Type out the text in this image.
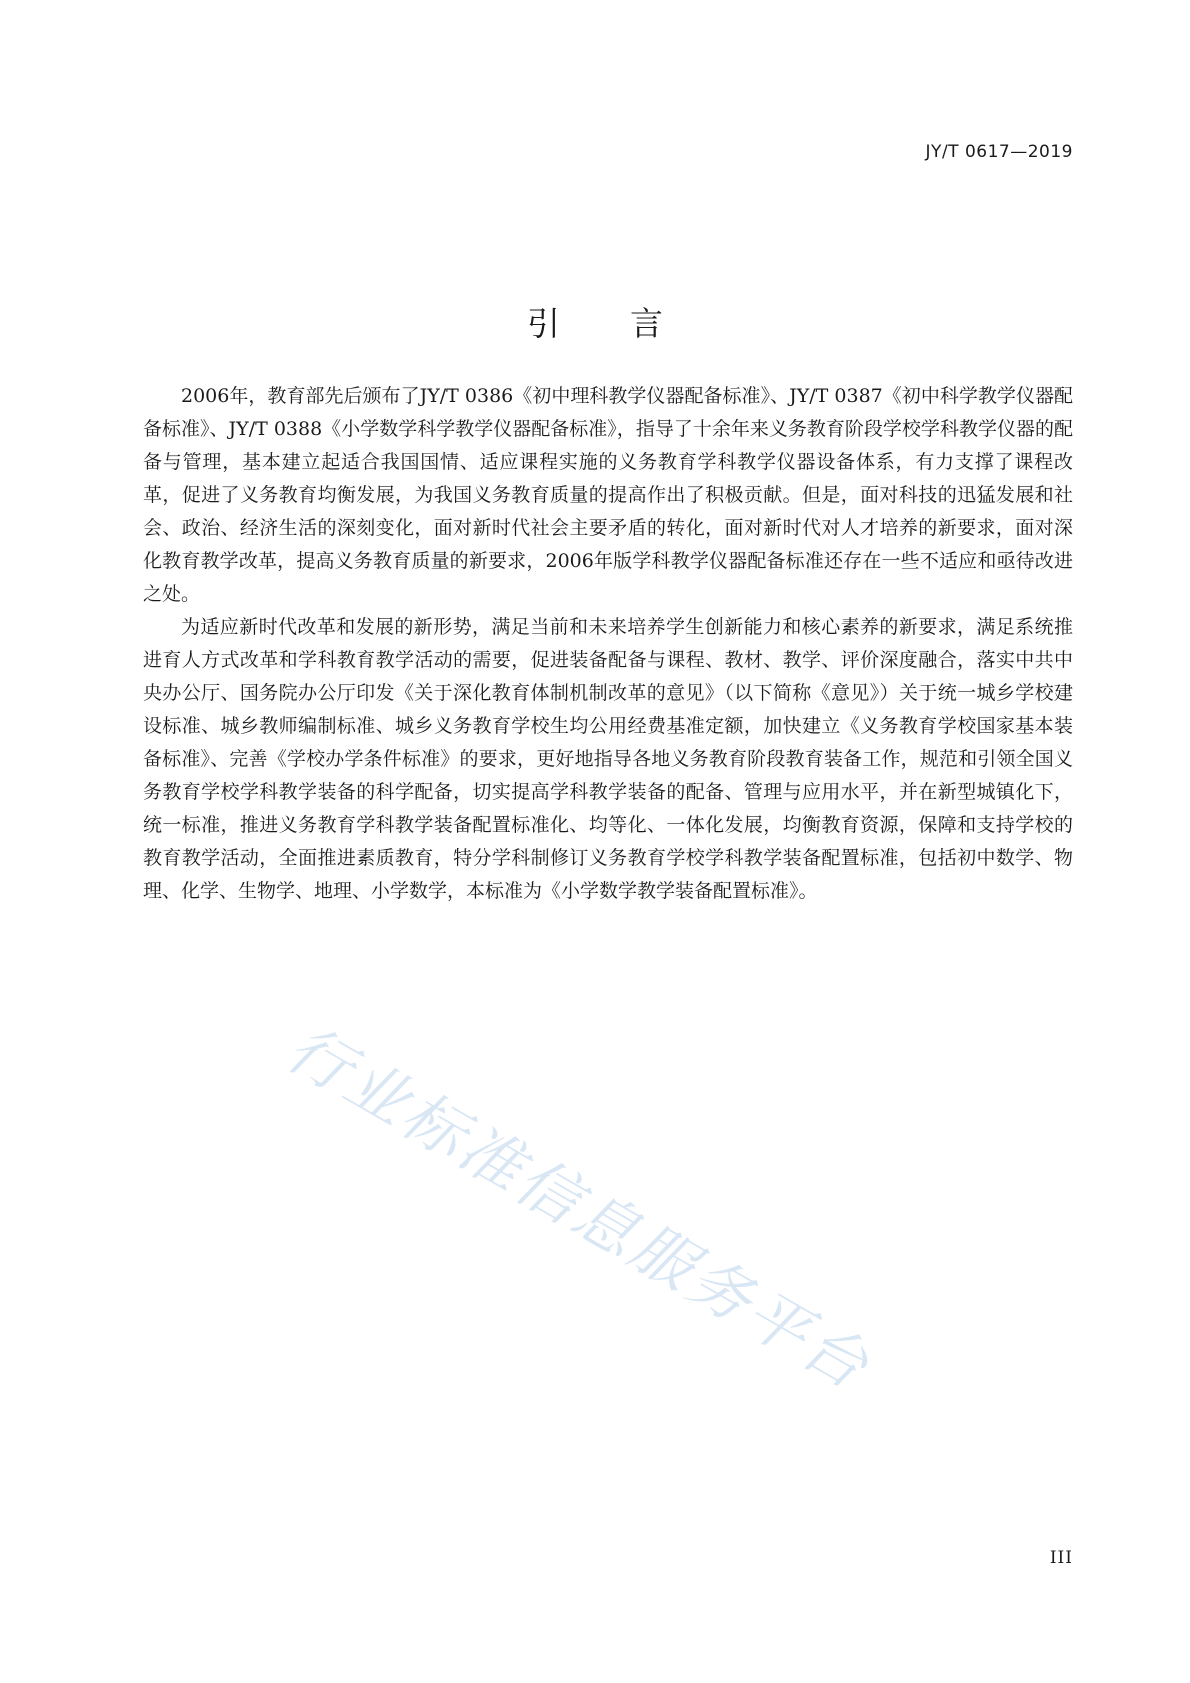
JY/T 0617—2019
引 言

2006年，教育部先后颁布了JY/T 0386《初中理科教学仪器配备标准》、JY/T 0387《初中科学教学仪器配备标准》、JY/T 0388《小学数学科学教学仪器配备标准》，指导了十余年来义务教育阶段学校学科教学仪器的配备与管理，基本建立起适合我国国情、适应课程实施的义务教育学科教学仪器设备体系，有力支撑了课程改革，促进了义务教育均衡发展，为我国义务教育质量的提高作出了积极贡献。但是，面对科技的迅猛发展和社会、政治、经济生活的深刻变化，面对新时代社会主要矛盾的转化，面对新时代对人才培养的新要求，面对深化教育教学改革，提高义务教育质量的新要求，2006年版学科教学仪器配备标准还存在一些不适应和亟待改进之处。

为适应新时代改革和发展的新形势，满足当前和未来培养学生创新能力和核心素养的新要求，满足系统推进育人方式改革和学科教育教学活动的需要，促进装备配备与课程、教材、教学、评价深度融合，落实中共中央办公厅、国务院办公厅印发《关于深化教育体制机制改革的意见》（以下简称《意见》）关于统一城乡学校建设标准、城乡教师编制标准、城乡义务教育学校生均公用经费基准定额，加快建立《义务教育学校国家基本装备标准》、完善《学校办学条件标准》的要求，更好地指导各地义务教育阶段教育装备工作，规范和引领全国义务教育学校学科教学装备的科学配备，切实提高学科教学装备的配备、管理与应用水平，并在新型城镇化下，统一标准，推进义务教育学科教学装备配置标准化、均等化、一体化发展，均衡教育资源，保障和支持学校的教育教学活动，全面推进素质教育，特分学科制修订义务教育学校学科教学装备配置标准，包括初中数学、物理、化学、生物学、地理、小学数学，本标准为《小学数学教学装备配置标准》。

行业标准信息服务平台
III
